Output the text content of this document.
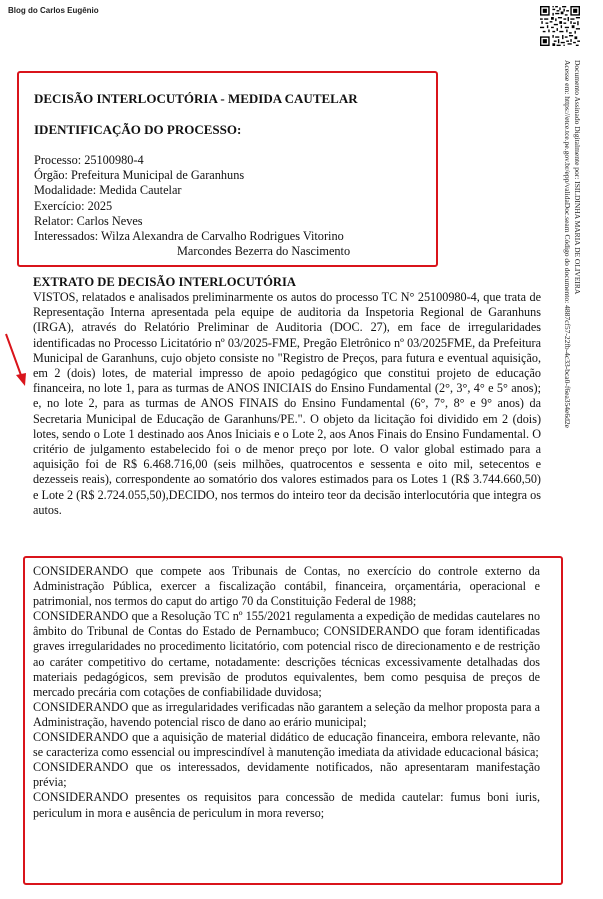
Blog do Carlos Eugênio
Documento Assinado Digitalmente por: ISILDINHA MARIA DE OLIVEIRA
Acesse em: https://etce.tce.pe.gov.br/epp/validaDoc.seam Código do documento: 4887cf57-22fb-4c33-bca0-f6ea354e6d2e
DECISÃO INTERLOCUTÓRIA - MEDIDA CAUTELAR
IDENTIFICAÇÃO DO PROCESSO:
Processo: 25100980-4
Órgão: Prefeitura Municipal de Garanhuns
Modalidade: Medida Cautelar
Exercício: 2025
Relator: Carlos Neves
Interessados: Wilza Alexandra de Carvalho Rodrigues Vitorino
Marcondes Bezerra do Nascimento
EXTRATO DE DECISÃO INTERLOCUTÓRIA

VISTOS, relatados e analisados preliminarmente os autos do processo TC N° 25100980-4, que trata de Representação Interna apresentada pela equipe de auditoria da Inspetoria Regional de Garanhuns (IRGA), através do Relatório Preliminar de Auditoria (DOC. 27), em face de irregularidades identificadas no Processo Licitatório nº 03/2025-FME, Pregão Eletrônico nº 03/2025FME, da Prefeitura Municipal de Garanhuns, cujo objeto consiste no "Registro de Preços, para futura e eventual aquisição, em 2 (dois) lotes, de material impresso de apoio pedagógico que constitui projeto de educação financeira, no lote 1, para as turmas de ANOS INICIAIS do Ensino Fundamental (2°, 3°, 4° e 5° anos); e, no lote 2, para as turmas de ANOS FINAIS do Ensino Fundamental (6°, 7°, 8° e 9° anos) da Secretaria Municipal de Educação de Garanhuns/PE.". O objeto da licitação foi dividido em 2 (dois) lotes, sendo o Lote 1 destinado aos Anos Iniciais e o Lote 2, aos Anos Finais do Ensino Fundamental. O critério de julgamento estabelecido foi o de menor preço por lote. O valor global estimado para a aquisição foi de R$ 6.468.716,00 (seis milhões, quatrocentos e sessenta e oito mil, setecentos e dezesseis reais), correspondente ao somatório dos valores estimados para os Lotes 1 (R$ 3.744.660,50) e Lote 2 (R$ 2.724.055,50),DECIDO, nos termos do inteiro teor da decisão interlocutória que integra os autos.

CONSIDERANDO que compete aos Tribunais de Contas, no exercício do controle externo da Administração Pública, exercer a fiscalização contábil, financeira, orçamentária, operacional e patrimonial, nos termos do caput do artigo 70 da Constituição Federal de 1988;

CONSIDERANDO que a Resolução TC nº 155/2021 regulamenta a expedição de medidas cautelares no âmbito do Tribunal de Contas do Estado de Pernambuco; CONSIDERANDO que foram identificadas graves irregularidades no procedimento licitatório, com potencial risco de direcionamento e de restrição ao caráter competitivo do certame, notadamente: descrições técnicas excessivamente detalhadas dos materiais pedagógicos, sem previsão de produtos equivalentes, bem como pesquisa de preços de mercado precária com cotações de confiabilidade duvidosa;

CONSIDERANDO que as irregularidades verificadas não garantem a seleção da melhor proposta para a Administração, havendo potencial risco de dano ao erário municipal;

CONSIDERANDO que a aquisição de material didático de educação financeira, embora relevante, não se caracteriza como essencial ou imprescindível à manutenção imediata da atividade educacional básica;

CONSIDERANDO que os interessados, devidamente notificados, não apresentaram manifestação prévia;

CONSIDERANDO presentes os requisitos para concessão de medida cautelar: fumus boni iuris, periculum in mora e ausência de periculum in mora reverso;
